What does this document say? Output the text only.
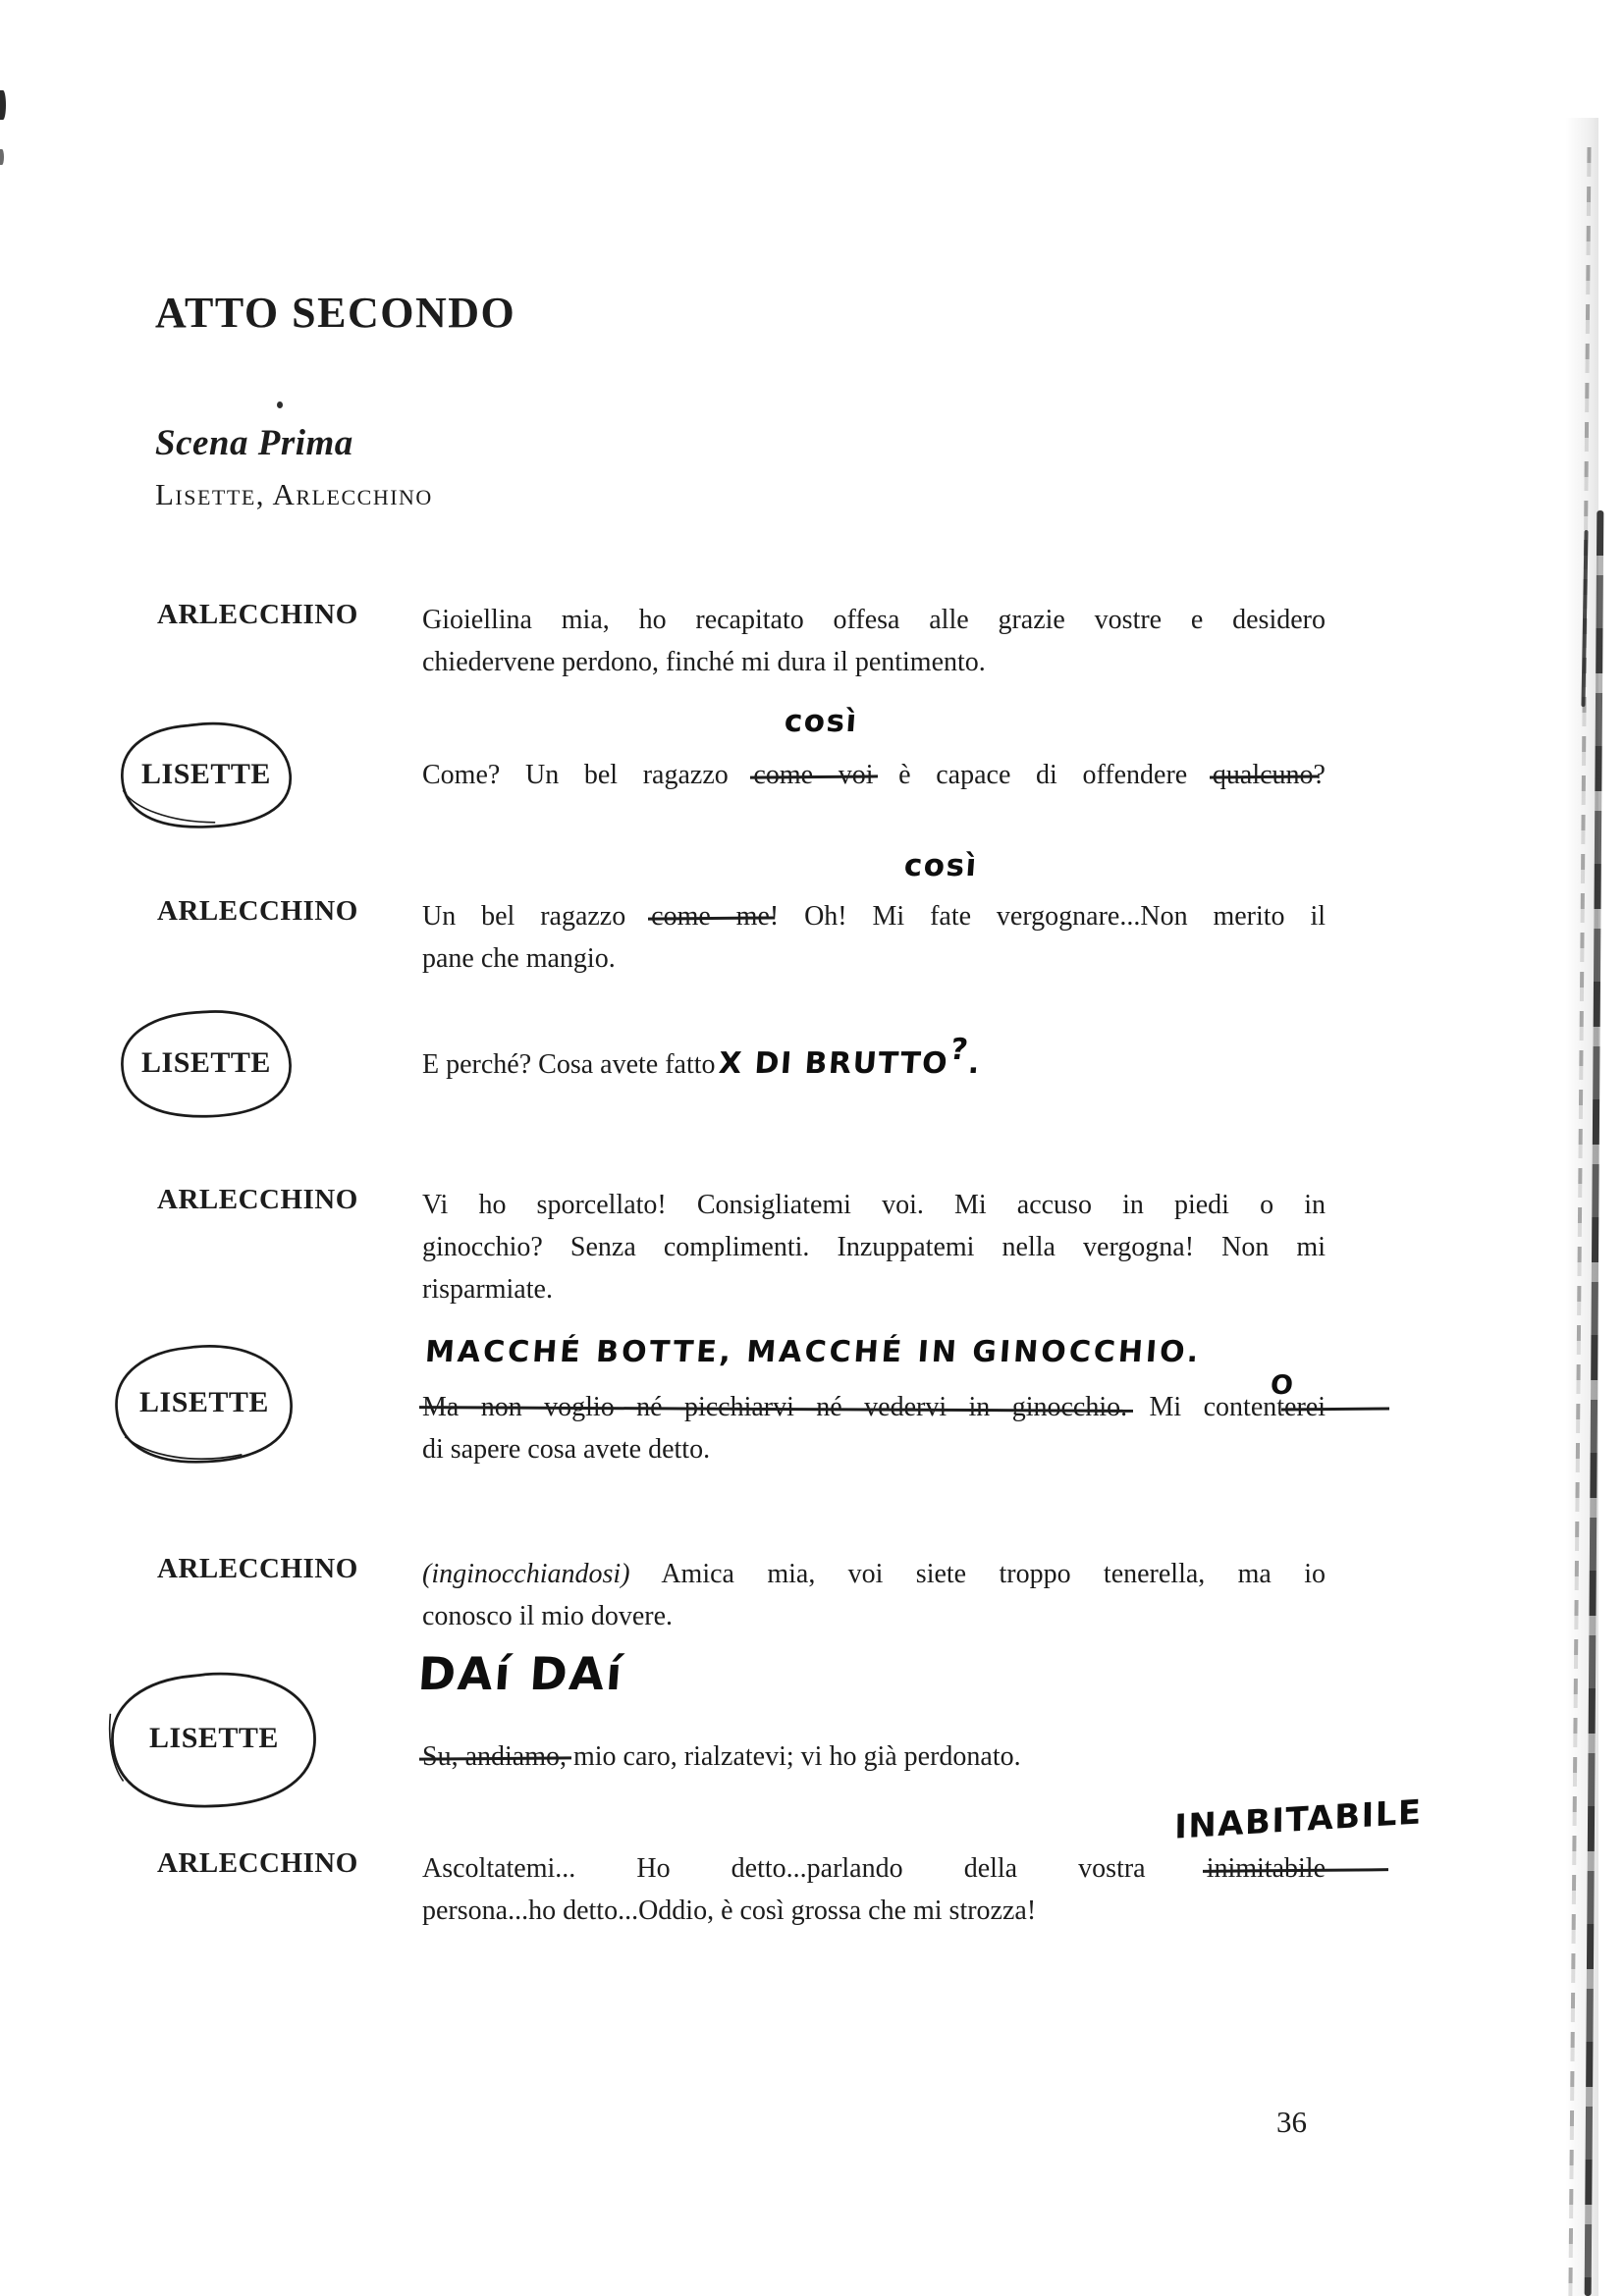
ATTO SECONDO
Scena Prima
Lisette, Arlecchino
ARLECCHINO Gioiellina mia, ho recapitato offesa alle grazie vostre e desidero
chiedervene perdono, finché mi dura il pentimento.
LISETTE	Come? Un bel ragazzo come voi è capace di offendere qualcuno?
così
ARLECCHINO Un bel ragazzo come me! Oh! Mi fate vergognare...Non merito il
pane che mangio.
così
LISETTE	E perché? Cosa avete fattoX DI BRUTTO?.
ARLECCHINO Vi ho sporcellato! Consigliatemi voi. Mi accuso in piedi o in
ginocchio? Senza complimenti. Inzuppatemi nella vergogna! Non mi
risparmiate.
LISETTE	Ma non voglio né picchiarvi né vedervi in ginocchio. Mi contenterei
di sapere cosa avete detto.
MACCHÉ BOTTE, MACCHÉ IN GINOCCHIO.
O
ARLECCHINO (inginocchiandosi) Amica mia, voi siete troppo tenerella, ma io
conosco il mio dovere.
LISETTE
Su, andiamo, mio caro, rialzatevi; vi ho già perdonato.
DAí DAí
ARLECCHINO Ascoltatemi... Ho detto...parlando della vostra inimitabile
persona...ho detto...Oddio, è così grossa che mi strozza!
INABITABILE
36
